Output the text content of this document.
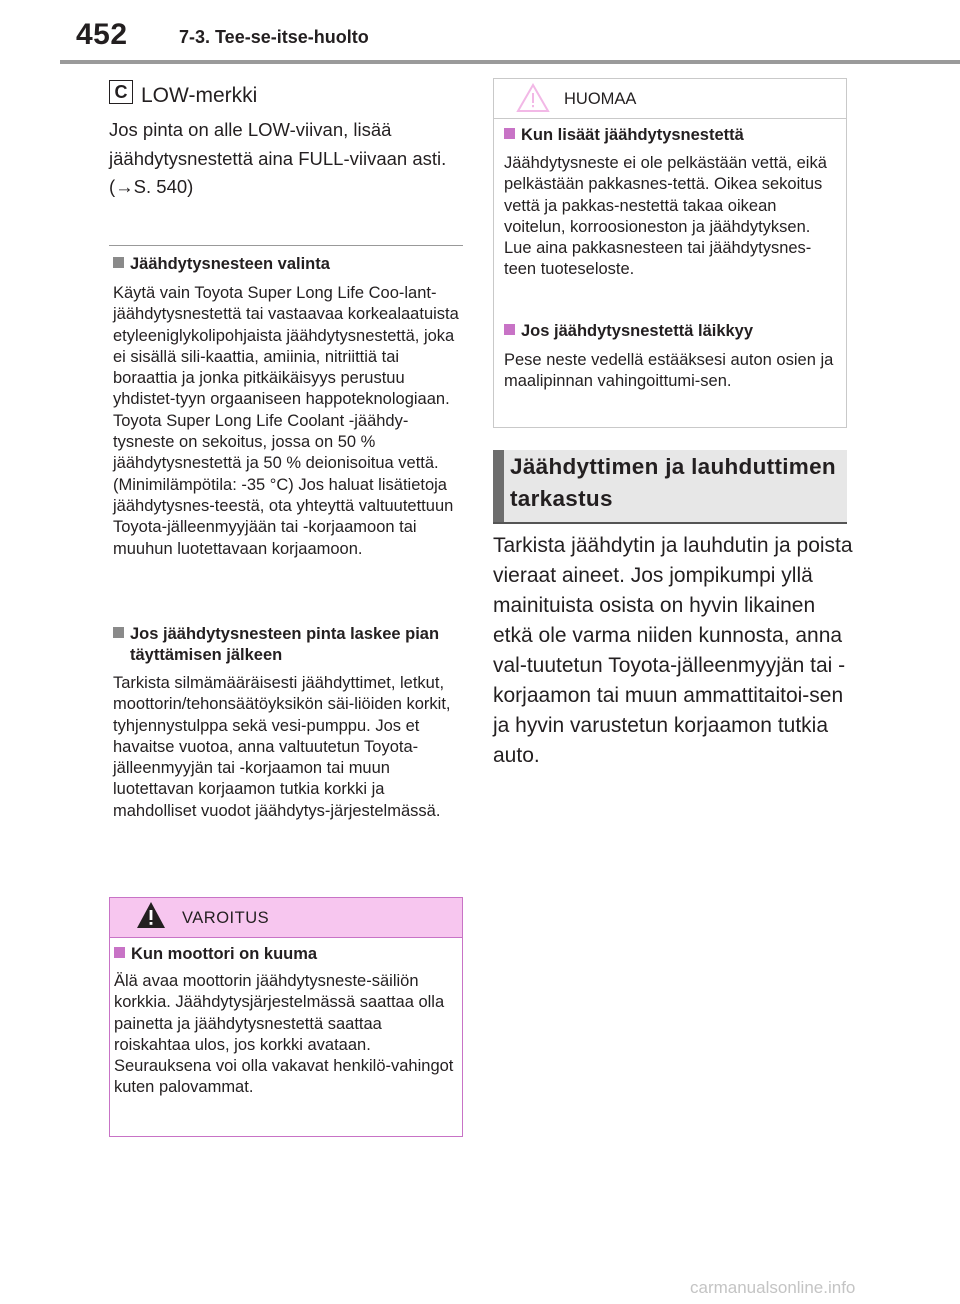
452	7-3. Tee-se-itse-huolto
C LOW-merkki
Jos pinta on alle LOW-viivan, lisää jäähdytysnestettä aina FULL-viivaan asti.
(→S. 540)
Jäähdytysnesteen valinta
Käytä vain Toyota Super Long Life Coo-lant- jäähdytysnestettä tai vastaavaa korkealaatuista etyleeniglykolipohjaista jäähdytysnestettä, joka ei sisällä sili-kaattia, amiinia, nitriittiä tai boraattia ja jonka pitkäikäisyys perustuu yhdistet-tyyn orgaaniseen happoteknologiaan. Toyota Super Long Life Coolant -jäähdy-tysneste on sekoitus, jossa on 50 % jäähdytysnestettä ja 50 % deionisoitua vettä. (Minimilämpötila: -35 °C) Jos haluat lisätietoja jäähdytysnes-teestä, ota yhteyttä valtuutettuun Toyota-jälleenmyyjään tai -korjaamoon tai muuhun luotettavaan korjaamoon.
Jos jäähdytysnesteen pinta laskee pian täyttämisen jälkeen
Tarkista silmämääräisesti jäähdyttimet, letkut, moottorin/tehonsäätöyksikön säi-liöiden korkit, tyhjennystulppa sekä vesi-pumppu. Jos et havaitse vuotoa, anna valtuutetun Toyota-jälleenmyyjän tai -korjaamon tai muun luotettavan korjaamon tutkia korkki ja mahdolliset vuodot jäähdytys-järjestelmässä.
VAROITUS
Kun moottori on kuuma
Älä avaa moottorin jäähdytysneste-säiliön korkkia. Jäähdytysjärjestelmässä saattaa olla painetta ja jäähdytysnestettä saattaa roiskahtaa ulos, jos korkki avataan. Seurauksena voi olla vakavat henkilö-vahingot kuten palovammat.
HUOMAA
Kun lisäät jäähdytysnestettä
Jäähdytysneste ei ole pelkästään vettä, eikä pelkästään pakkasnes-tettä. Oikea sekoitus vettä ja pakkas-nestettä takaa oikean voitelun, korroosioneston ja jäähdytyksen. Lue aina pakkasnesteen tai jäähdytysnes-teen tuoteseloste.
Jos jäähdytysnestettä läikkyy
Pese neste vedellä estääksesi auton osien ja maalipinnan vahingoittumi-sen.
Jäähdyttimen ja lauhduttimen tarkastus
Tarkista jäähdytin ja lauhdutin ja poista vieraat aineet. Jos jompikumpi yllä mainituista osista on hyvin likainen etkä ole varma niiden kunnosta, anna val-tuutetun Toyota-jälleenmyyjän tai -korjaamon tai muun ammattitaitoi-sen ja hyvin varustetun korjaamon tutkia auto.
carmanualsonline.info
